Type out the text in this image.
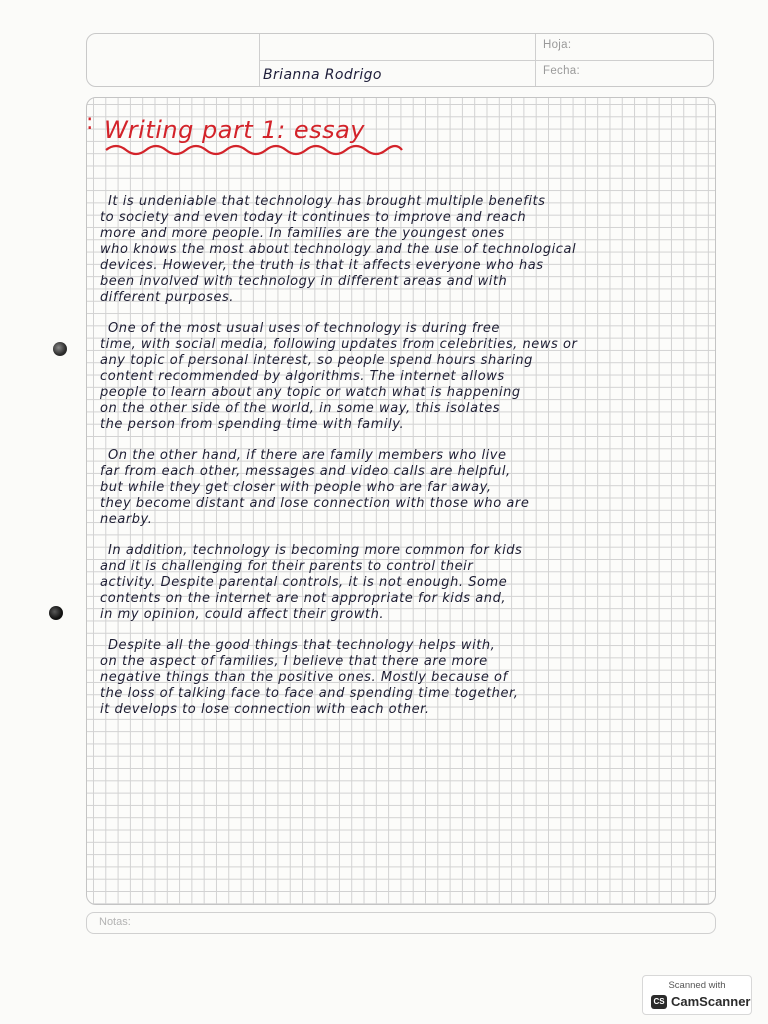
Hoja:
Fecha:
Brianna Rodrigo
: Writing part 1: essay
It is undeniable that technology has brought multiple benefits
to society and even today it continues to improve and reach
more and more people. In families are the youngest ones
who knows the most about technology and the use of technological
devices. However, the truth is that it affects everyone who has
been involved with technology in different areas and with
different purposes.
One of the most usual uses of technology is during free
time, with social media, following updates from celebrities, news or
any topic of personal interest, so people spend hours sharing
content recommended by algorithms. The internet allows
people to learn about any topic or watch what is happening
on the other side of the world, in some way, this isolates
the person from spending time with family.
On the other hand, if there are family members who live
far from each other, messages and video calls are helpful,
but while they get closer with people who are far away,
they become distant and lose connection with those who are
nearby.
In addition, technology is becoming more common for kids
and it is challenging for their parents to control their
activity. Despite parental controls, it is not enough. Some
contents on the internet are not appropriate for kids and,
in my opinion, could affect their growth.
Despite all the good things that technology helps with,
on the aspect of families, I believe that there are more
negative things than the positive ones. Mostly because of
the loss of talking face to face and spending time together,
it develops to lose connection with each other.
Notas:
Scanned with
CS CamScanner
